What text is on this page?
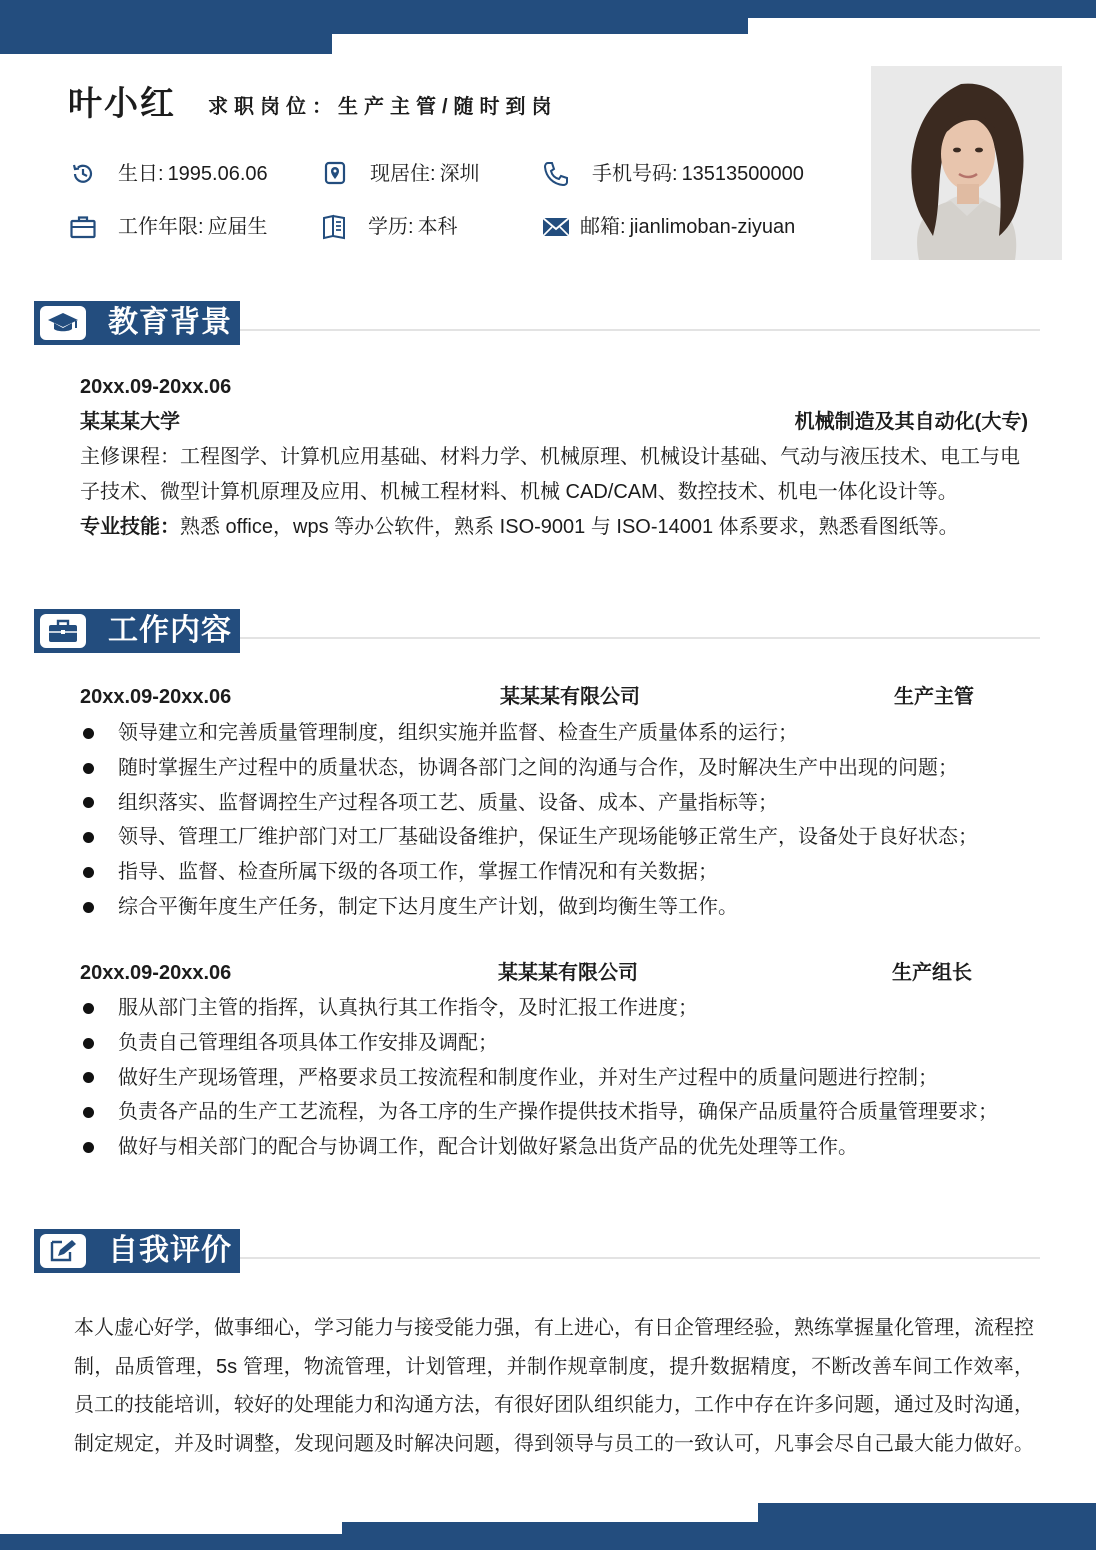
叶小红 求职岗位：生产主管/随时到岗
生日: 1995.06.06	现居住: 深圳	手机号码: 13513500000
工作年限: 应届生	学历: 本科	邮箱: jianlimoban-ziyuan
教育背景
20xx.09-20xx.06
某某某大学	机械制造及其自动化(大专)
主修课程：工程图学、计算机应用基础、材料力学、机械原理、机械设计基础、气动与液压技术、电工与电
子技术、微型计算机原理及应用、机械工程材料、机械 CAD/CAM、数控技术、机电一体化设计等。
专业技能：熟悉 office，wps 等办公软件，熟系 ISO-9001 与 ISO-14001 体系要求，熟悉看图纸等。
工作内容
20xx.09-20xx.06	某某某有限公司	生产主管
领导建立和完善质量管理制度，组织实施并监督、检查生产质量体系的运行；
随时掌握生产过程中的质量状态，协调各部门之间的沟通与合作，及时解决生产中出现的问题；
组织落实、监督调控生产过程各项工艺、质量、设备、成本、产量指标等；
领导、管理工厂维护部门对工厂基础设备维护，保证生产现场能够正常生产，设备处于良好状态；
指导、监督、检查所属下级的各项工作，掌握工作情况和有关数据；
综合平衡年度生产任务，制定下达月度生产计划，做到均衡生等工作。
20xx.09-20xx.06	某某某有限公司	生产组长
服从部门主管的指挥，认真执行其工作指令，及时汇报工作进度；
负责自己管理组各项具体工作安排及调配；
做好生产现场管理，严格要求员工按流程和制度作业，并对生产过程中的质量问题进行控制；
负责各产品的生产工艺流程，为各工序的生产操作提供技术指导，确保产品质量符合质量管理要求；
做好与相关部门的配合与协调工作，配合计划做好紧急出货产品的优先处理等工作。
自我评价
本人虚心好学，做事细心，学习能力与接受能力强，有上进心，有日企管理经验，熟练掌握量化管理，流程控制，品质管理，5s 管理，物流管理，计划管理，并制作规章制度，提升数据精度，不断改善车间工作效率，员工的技能培训，较好的处理能力和沟通方法，有很好团队组织能力，工作中存在许多问题，通过及时沟通，制定规定，并及时调整，发现问题及时解决问题，得到领导与员工的一致认可，凡事会尽自己最大能力做好。
